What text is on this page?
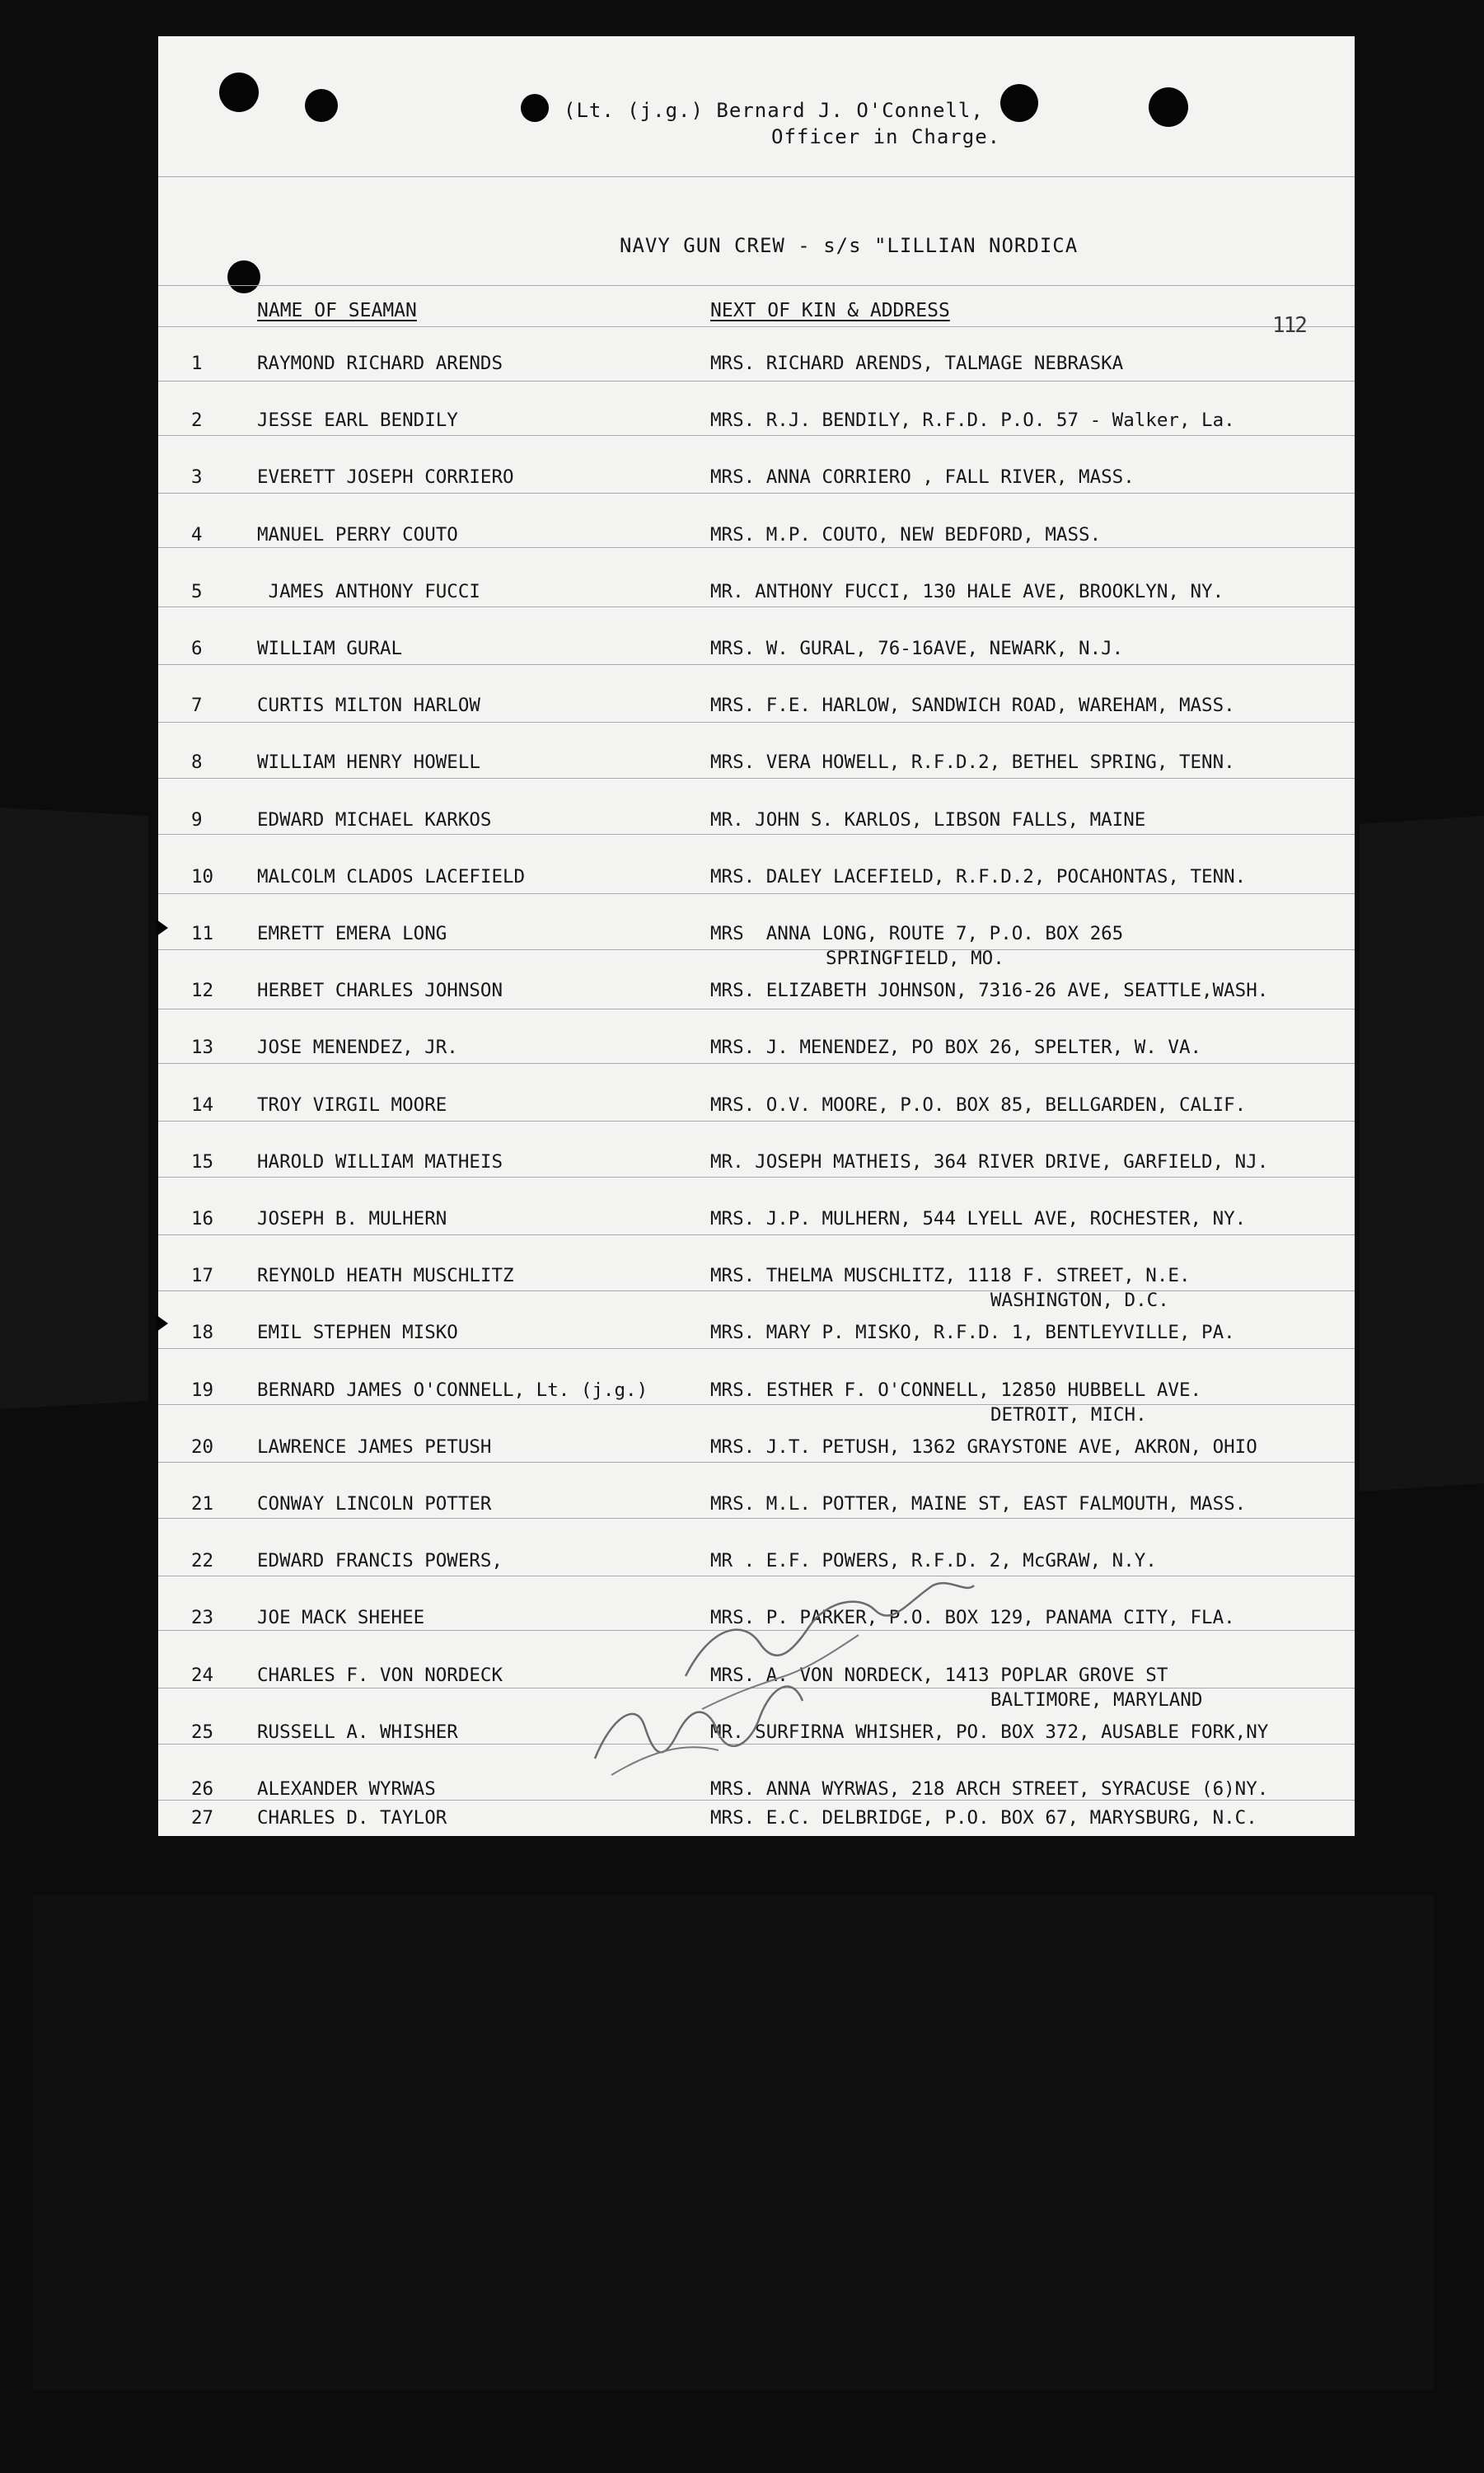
(Lt. (j.g.) Bernard J. O'Connell,
Officer in Charge.
NAVY GUN CREW - s/s "LILLIAN NORDICA
NAME OF SEAMAN	NEXT OF KIN & ADDRESS
112
1	RAYMOND RICHARD ARENDS	MRS. RICHARD ARENDS, TALMAGE NEBRASKA
2	JESSE EARL BENDILY	MRS. R.J. BENDILY, R.F.D. P.O. 57 - Walker, La.
3	EVERETT JOSEPH CORRIERO	MRS. ANNA CORRIERO , FALL RIVER, MASS.
4	MANUEL PERRY COUTO	MRS. M.P. COUTO, NEW BEDFORD, MASS.
5	JAMES ANTHONY FUCCI	MR. ANTHONY FUCCI, 130 HALE AVE, BROOKLYN, NY.
6	WILLIAM GURAL	MRS. W. GURAL, 76-16AVE, NEWARK, N.J.
7	CURTIS MILTON HARLOW	MRS. F.E. HARLOW, SANDWICH ROAD, WAREHAM, MASS.
8	WILLIAM HENRY HOWELL	MRS. VERA HOWELL, R.F.D.2, BETHEL SPRING, TENN.
9	EDWARD MICHAEL KARKOS	MR. JOHN S. KARLOS, LIBSON FALLS, MAINE
10	MALCOLM CLADOS LACEFIELD	MRS. DALEY LACEFIELD, R.F.D.2, POCAHONTAS, TENN.
11	EMRETT EMERA LONG	MRS  ANNA LONG, ROUTE 7, P.O. BOX 265
SPRINGFIELD, MO.
12	HERBET CHARLES JOHNSON	MRS. ELIZABETH JOHNSON, 7316-26 AVE, SEATTLE,WASH.
13	JOSE MENENDEZ, JR.	MRS. J. MENENDEZ, PO BOX 26, SPELTER, W. VA.
14	TROY VIRGIL MOORE	MRS. O.V. MOORE, P.O. BOX 85, BELLGARDEN, CALIF.
15	HAROLD WILLIAM MATHEIS	MR. JOSEPH MATHEIS, 364 RIVER DRIVE, GARFIELD, NJ.
16	JOSEPH B. MULHERN	MRS. J.P. MULHERN, 544 LYELL AVE, ROCHESTER, NY.
17	REYNOLD HEATH MUSCHLITZ	MRS. THELMA MUSCHLITZ, 1118 F. STREET, N.E.
WASHINGTON, D.C.
18	EMIL STEPHEN MISKO	MRS. MARY P. MISKO, R.F.D. 1, BENTLEYVILLE, PA.
19	BERNARD JAMES O'CONNELL, Lt. (j.g.)	MRS. ESTHER F. O'CONNELL, 12850 HUBBELL AVE.
DETROIT, MICH.
20	LAWRENCE JAMES PETUSH	MRS. J.T. PETUSH, 1362 GRAYSTONE AVE, AKRON, OHIO
21	CONWAY LINCOLN POTTER	MRS. M.L. POTTER, MAINE ST, EAST FALMOUTH, MASS.
22	EDWARD FRANCIS POWERS,	MR . E.F. POWERS, R.F.D. 2, McGRAW, N.Y.
23	JOE MACK SHEHEE	MRS. P. PARKER, P.O. BOX 129, PANAMA CITY, FLA.
24	CHARLES F. VON NORDECK	MRS. A. VON NORDECK, 1413 POPLAR GROVE ST
BALTIMORE, MARYLAND
25	RUSSELL A. WHISHER	MR. SURFIRNA WHISHER, PO. BOX 372, AUSABLE FORK,NY
26	ALEXANDER WYRWAS	MRS. ANNA WYRWAS, 218 ARCH STREET, SYRACUSE (6)NY.
27	CHARLES D. TAYLOR	MRS. E.C. DELBRIDGE, P.O. BOX 67, MARYSBURG, N.C.
